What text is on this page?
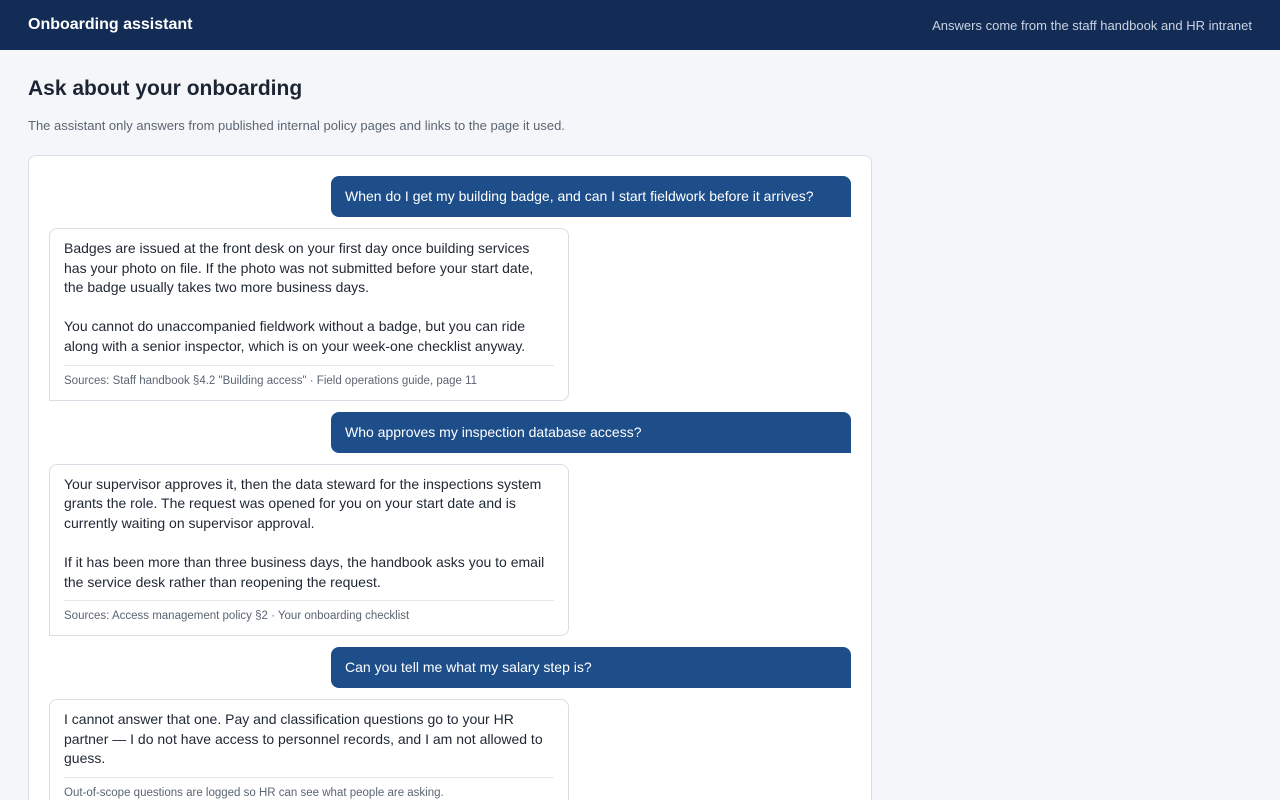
Onboarding assistant	Answers come from the staff handbook and HR intranet
Ask about your onboarding
The assistant only answers from published internal policy pages and links to the page it used.
When do I get my building badge, and can I start fieldwork before it arrives?

Badges are issued at the front desk on your first day once building services has your photo on file. If the photo was not submitted before your start date, the badge usually takes two more business days.

You cannot do unaccompanied fieldwork without a badge, but you can ride along with a senior inspector, which is on your week-one checklist anyway.

Sources: Staff handbook §4.2 "Building access" · Field operations guide, page 11
Who approves my inspection database access?

Your supervisor approves it, then the data steward for the inspections system grants the role. The request was opened for you on your start date and is currently waiting on supervisor approval.

If it has been more than three business days, the handbook asks you to email the service desk rather than reopening the request.

Sources: Access management policy §2 · Your onboarding checklist
Can you tell me what my salary step is?

I cannot answer that one. Pay and classification questions go to your HR partner — I do not have access to personnel records, and I am not allowed to guess.

Out-of-scope questions are logged so HR can see what people are asking.
